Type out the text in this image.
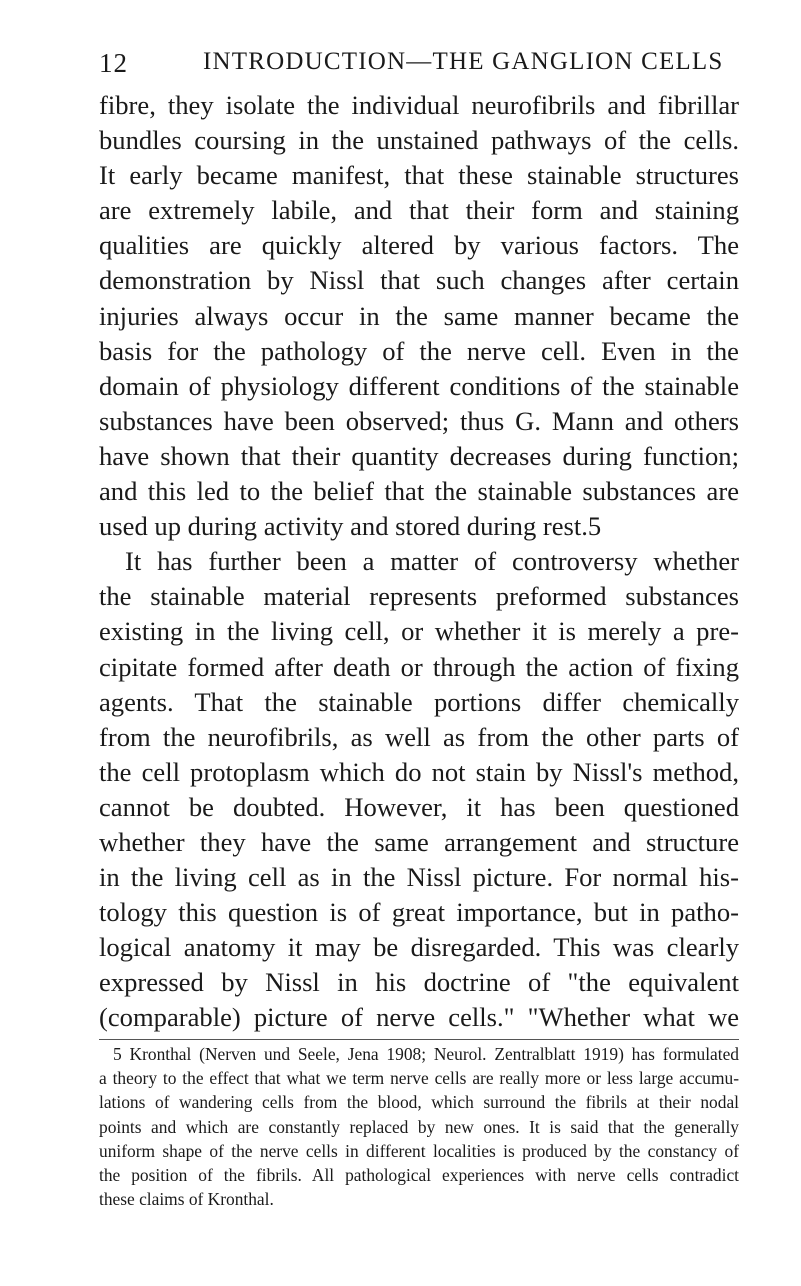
12	INTRODUCTION—THE GANGLION CELLS
fibre, they isolate the individual neurofibrils and fibrillar
bundles coursing in the unstained pathways of the cells.
It early became manifest, that these stainable structures
are extremely labile, and that their form and staining
qualities are quickly altered by various factors. The
demonstration by Nissl that such changes after certain
injuries always occur in the same manner became the
basis for the pathology of the nerve cell. Even in the
domain of physiology different conditions of the stainable
substances have been observed; thus G. Mann and others
have shown that their quantity decreases during function;
and this led to the belief that the stainable substances are
used up during activity and stored during rest.5
It has further been a matter of controversy whether
the stainable material represents preformed substances
existing in the living cell, or whether it is merely a pre-
cipitate formed after death or through the action of fixing
agents. That the stainable portions differ chemically
from the neurofibrils, as well as from the other parts of
the cell protoplasm which do not stain by Nissl's method,
cannot be doubted. However, it has been questioned
whether they have the same arrangement and structure
in the living cell as in the Nissl picture. For normal his-
tology this question is of great importance, but in patho-
logical anatomy it may be disregarded. This was clearly
expressed by Nissl in his doctrine of "the equivalent
(comparable) picture of nerve cells." "Whether what we
5 Kronthal (Nerven und Seele, Jena 1908; Neurol. Zentralblatt 1919) has formulated
a theory to the effect that what we term nerve cells are really more or less large accumu-
lations of wandering cells from the blood, which surround the fibrils at their nodal
points and which are constantly replaced by new ones. It is said that the generally
uniform shape of the nerve cells in different localities is produced by the constancy of
the position of the fibrils. All pathological experiences with nerve cells contradict
these claims of Kronthal.
